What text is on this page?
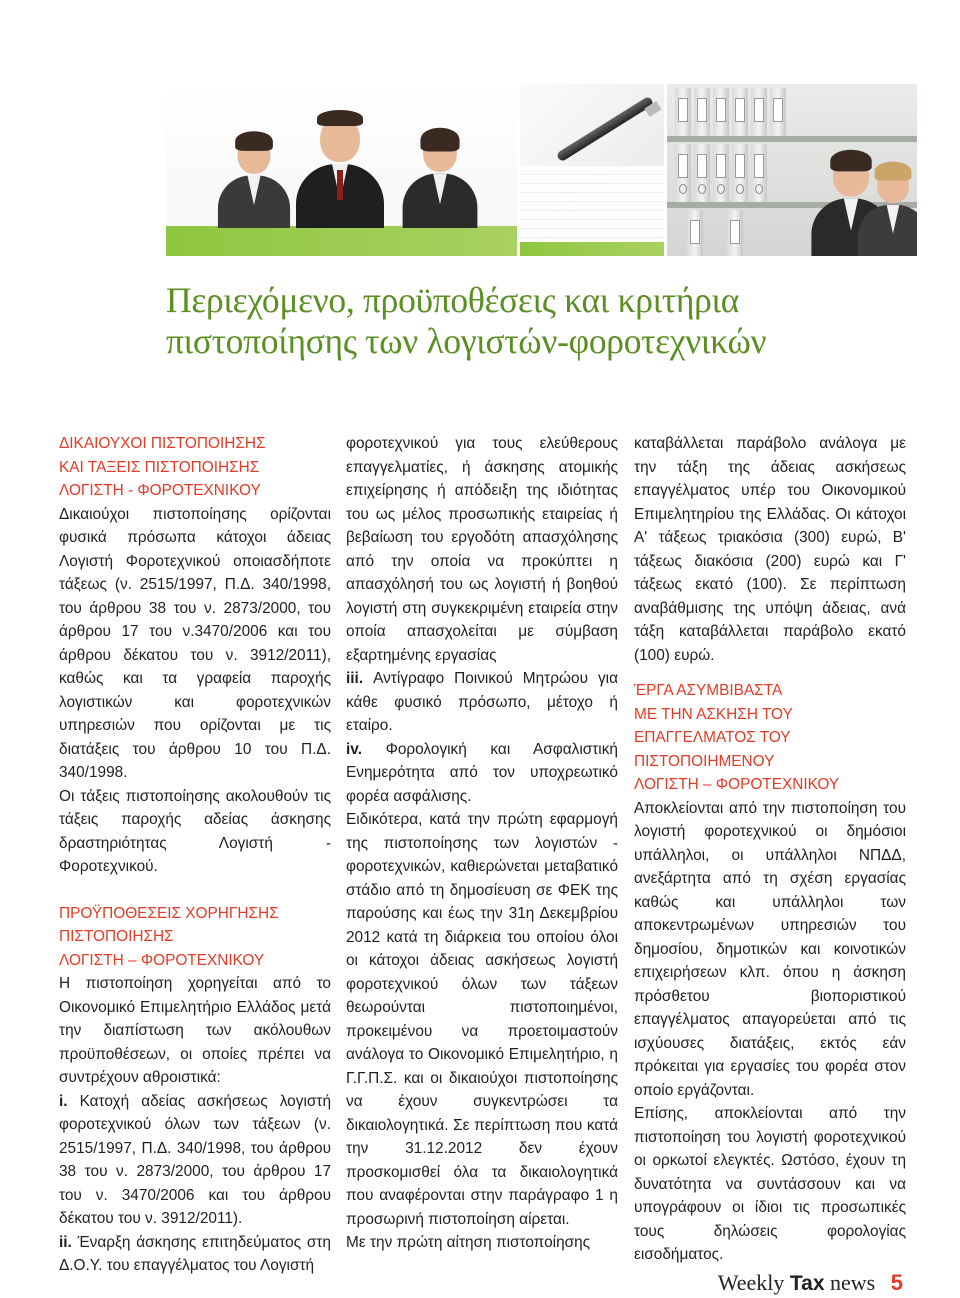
Περιεχόμενο, προϋποθέσεις και κριτήρια
πιστοποίησης των λογιστών-φοροτεχνικών
ΔΙΚΑΙΟΥΧΟΙ ΠΙΣΤΟΠΟΙΗΣΗΣ
ΚΑΙ ΤΑΞΕΙΣ ΠΙΣΤΟΠΟΙΗΣΗΣ
ΛΟΓΙΣΤΗ - ΦΟΡΟΤΕΧΝΙΚΟΥ

Δικαιούχοι πιστοποίησης ορίζονται φυσικά πρόσωπα κάτοχοι άδειας Λογιστή Φοροτεχνικού οποιασδήποτε τάξεως (ν. 2515/1997, Π.Δ. 340/1998, του άρθρου 38 του ν. 2873/2000, του άρθρου 17 του ν.3470/2006 και του άρθρου δέκατου του ν. 3912/2011), καθώς και τα γραφεία παροχής λογιστικών και φοροτεχνικών υπηρεσιών που ορίζονται με τις διατάξεις του άρθρου 10 του Π.Δ. 340/1998.

Οι τάξεις πιστοποίησης ακολουθούν τις τάξεις παροχής αδείας άσκησης δραστηριότητας Λογιστή - Φοροτεχνικού.

ΠΡΟΫΠΟΘΕΣΕΙΣ ΧΟΡΗΓΗΣΗΣ
ΠΙΣΤΟΠΟΙΗΣΗΣ
ΛΟΓΙΣΤΗ – ΦΟΡΟΤΕΧΝΙΚΟΥ

Η πιστοποίηση χορηγείται από το Οικονομικό Επιμελητήριο Ελλάδος μετά την διαπίστωση των ακόλουθων προϋποθέσεων, οι οποίες πρέπει να συντρέχουν αθροιστικά:

i. Κατοχή αδείας ασκήσεως λογιστή φοροτεχνικού όλων των τάξεων (ν. 2515/1997, Π.Δ. 340/1998, του άρθρου 38 του ν. 2873/2000, του άρθρου 17 του ν. 3470/2006 και του άρθρου δέκατου του ν. 3912/2011).

ii. Έναρξη άσκησης επιτηδεύματος στη Δ.Ο.Υ. του επαγγέλματος του Λογιστή

φοροτεχνικού για τους ελεύθερους επαγγελματίες, ή άσκησης ατομικής επιχείρησης ή απόδειξη της ιδιότητας του ως μέλος προσωπικής εταιρείας ή βεβαίωση του εργοδότη απασχόλησης από την οποία να προκύπτει η απασχόλησή του ως λογιστή ή βοηθού λογιστή στη συγκεκριμένη εταιρεία στην οποία απασχολείται με σύμβαση εξαρτημένης εργασίας

iii. Αντίγραφο Ποινικού Μητρώου για κάθε φυσικό πρόσωπο, μέτοχο ή εταίρο.

iv. Φορολογική και Ασφαλιστική Ενημερότητα από τον υποχρεωτικό φορέα ασφάλισης.

Ειδικότερα, κατά την πρώτη εφαρμογή της πιστοποίησης των λογιστών - φοροτεχνικών, καθιερώνεται μεταβατικό στάδιο από τη δημοσίευση σε ΦΕΚ της παρούσης και έως την 31η Δεκεμβρίου 2012 κατά τη διάρκεια του οποίου όλοι οι κάτοχοι άδειας ασκήσεως λογιστή φοροτεχνικού όλων των τάξεων θεωρούνται πιστοποιημένοι, προκειμένου να προετοιμαστούν ανάλογα το Οικονομικό Επιμελητήριο, η Γ.Γ.Π.Σ. και οι δικαιούχοι πιστοποίησης να έχουν συγκεντρώσει τα δικαιολογητικά. Σε περίπτωση που κατά την 31.12.2012 δεν έχουν προσκομισθεί όλα τα δικαιολογητικά που αναφέρονται στην παράγραφο 1 η προσωρινή πιστοποίηση αίρεται.

Με την πρώτη αίτηση πιστοποίησης

καταβάλλεται παράβολο ανάλογα με την τάξη της άδειας ασκήσεως επαγγέλματος υπέρ του Οικονομικού Επιμελητηρίου της Ελλάδας. Οι κάτοχοι Α' τάξεως τριακόσια (300) ευρώ, Β' τάξεως διακόσια (200) ευρώ και Γ' τάξεως εκατό (100). Σε περίπτωση αναβάθμισης της υπόψη άδειας, ανά τάξη καταβάλλεται παράβολο εκατό (100) ευρώ.

ΈΡΓΑ ΑΣΥΜΒΙΒΑΣΤΑ
ΜΕ ΤΗΝ ΑΣΚΗΣΗ ΤΟΥ
ΕΠΑΓΓΕΛΜΑΤΟΣ ΤΟΥ
ΠΙΣΤΟΠΟΙΗΜΕΝΟΥ
ΛΟΓΙΣΤΗ – ΦΟΡΟΤΕΧΝΙΚΟΥ

Αποκλείονται από την πιστοποίηση του λογιστή φοροτεχνικού οι δημόσιοι υπάλληλοι, οι υπάλληλοι ΝΠΔΔ, ανεξάρτητα από τη σχέση εργασίας καθώς και υπάλληλοι των αποκεντρωμένων υπηρεσιών του δημοσίου, δημοτικών και κοινοτικών επιχειρήσεων κλπ. όπου η άσκηση πρόσθετου βιοποριστικού επαγγέλματος απαγορεύεται από τις ισχύουσες διατάξεις, εκτός εάν πρόκειται για εργασίες του φορέα στον οποίο εργάζονται.

Επίσης, αποκλείονται από την πιστοποίηση του λογιστή φοροτεχνικού οι ορκωτοί ελεγκτές. Ωστόσο, έχουν τη δυνατότητα να συντάσσουν και να υπογράφουν οι ίδιοι τις προσωπικές τους δηλώσεις φορολογίας εισοδήματος.

Weekly Tax news 5
